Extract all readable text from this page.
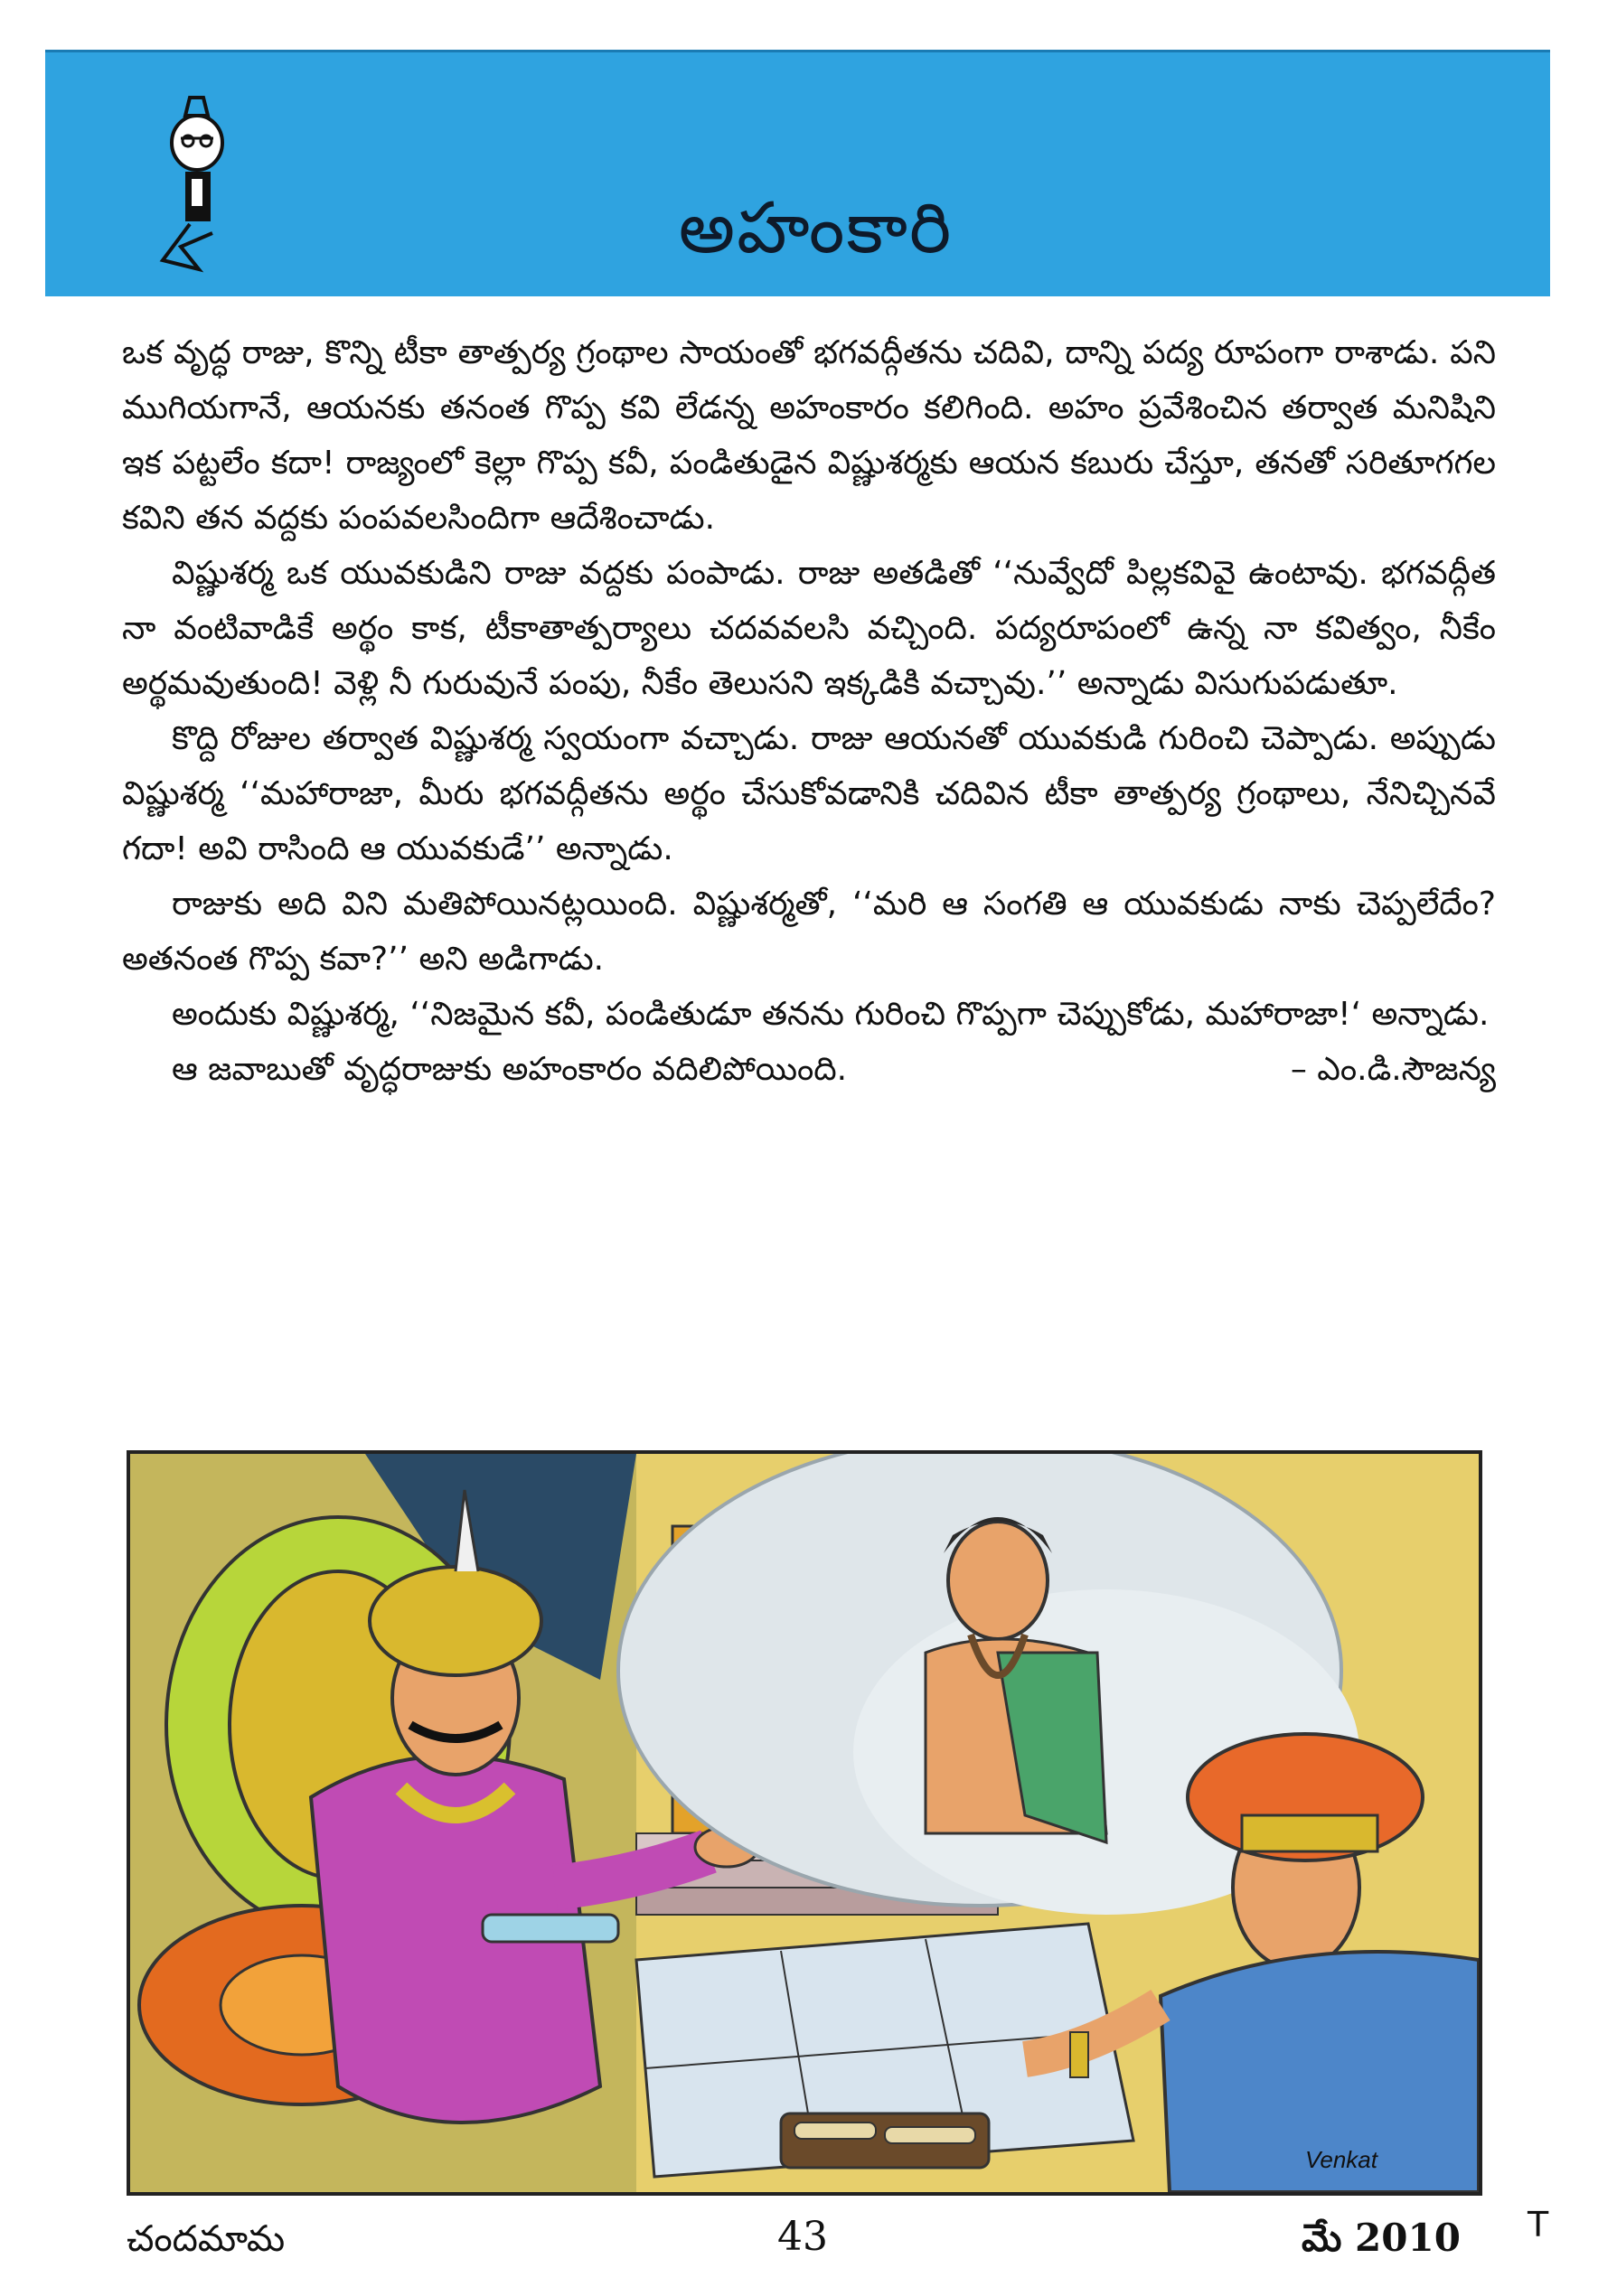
అహంకారి

ఒక వృద్ధ రాజు, కొన్ని టీకా తాత్పర్య గ్రంథాల సాయంతో భగవద్గీతను చదివి, దాన్ని పద్య రూపంగా రాశాడు. పని ముగియగానే, ఆయనకు తనంత గొప్ప కవి లేడన్న అహంకారం కలిగింది. అహం ప్రవేశించిన తర్వాత మనిషిని ఇక పట్టలేం కదా! రాజ్యంలో కెల్లా గొప్ప కవీ, పండితుడైన విష్ణుశర్మకు ఆయన కబురు చేస్తూ, తనతో సరితూగగల కవిని తన వద్దకు పంపవలసిందిగా ఆదేశించాడు.

విష్ణుశర్మ ఒక యువకుడిని రాజు వద్దకు పంపాడు. రాజు అతడితో ‘‘నువ్వేదో పిల్లకవివై ఉంటావు. భగవద్గీత నా వంటివాడికే అర్థం కాక, టీకాతాత్పర్యాలు చదవవలసి వచ్చింది. పద్యరూపంలో ఉన్న నా కవిత్వం, నీకేం అర్థమవుతుంది! వెళ్లి నీ గురువునే పంపు, నీకేం తెలుసని ఇక్కడికి వచ్చావు.’’ అన్నాడు విసుగుపడుతూ.

కొద్ది రోజుల తర్వాత విష్ణుశర్మ స్వయంగా వచ్చాడు. రాజు ఆయనతో యువకుడి గురించి చెప్పాడు. అప్పుడు విష్ణుశర్మ ‘‘మహారాజా, మీరు భగవద్గీతను అర్థం చేసుకోవడానికి చదివిన టీకా తాత్పర్య గ్రంథాలు, నేనిచ్చినవే గదా! అవి రాసింది ఆ యువకుడే’’ అన్నాడు.

రాజుకు అది విని మతిపోయినట్లయింది. విష్ణుశర్మతో, ‘‘మరి ఆ సంగతి ఆ యువకుడు నాకు చెప్పలేదేం? అతనంత గొప్ప కవా?’’ అని అడిగాడు.

అందుకు విష్ణుశర్మ, ‘‘నిజమైన కవీ, పండితుడూ తనను గురించి గొప్పగా చెప్పుకోడు, మహారాజా!‘ అన్నాడు.

ఆ జవాబుతో వృద్ధరాజుకు అహంకారం వదిలిపోయింది.	– ఎం.డి.సౌజన్య

Venkat
చందమామ	43	మే 2010 T
